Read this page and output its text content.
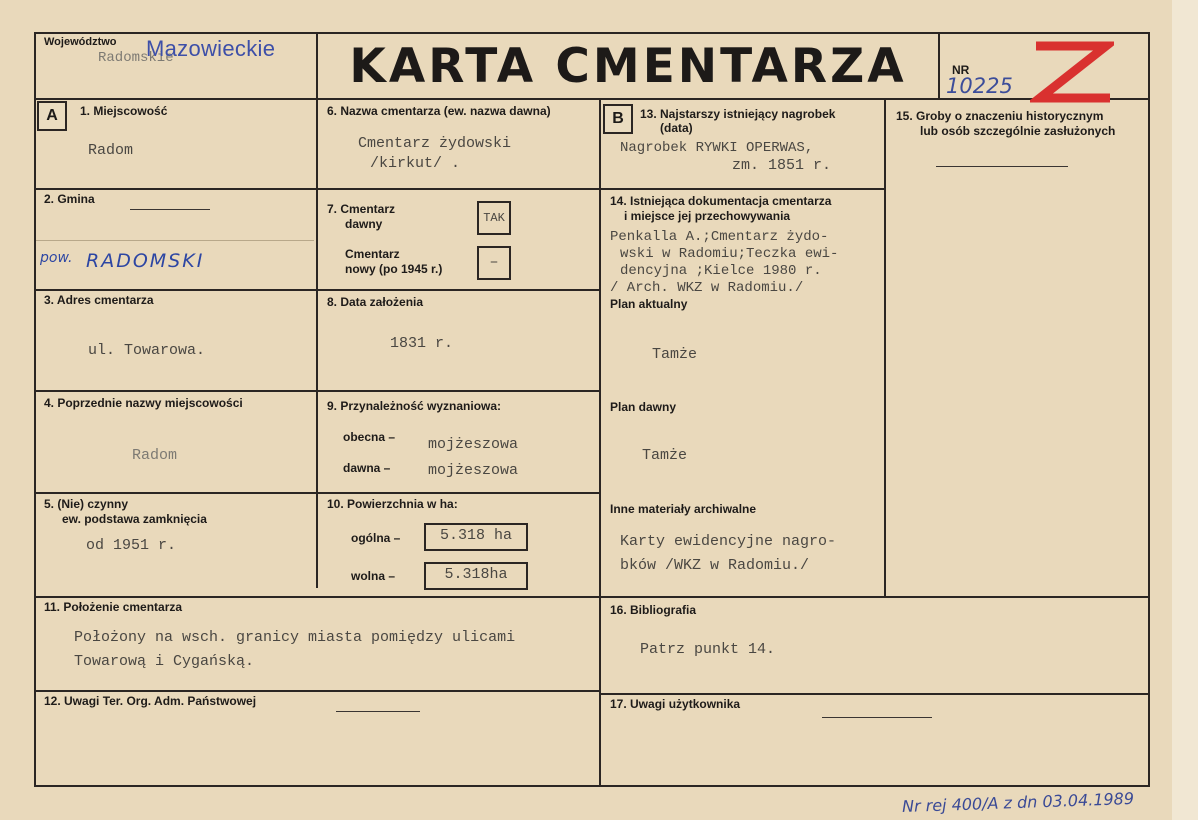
Województwo
Radomskie
Mazowieckie	KARTA CMENTARZA	NR
10225
A	B
1. Miejscowość
Radom
2. Gmina
pow. RADOMSKI
3. Adres cmentarza
ul. Towarowa.
4. Poprzednie nazwy miejscowości
Radom
5. (Nie) czynny
ew. podstawa zamknięcia
od 1951 r.
6. Nazwa cmentarza (ew. nazwa dawna)
Cmentarz żydowski
/kirkut/ .
7. Cmentarz
dawny	TAK
Cmentarz
nowy (po 1945 r.)	–
8. Data założenia
1831 r.
9. Przynależność wyznaniowa:
obecna – mojżeszowa
dawna –	mojżeszowa
10. Powierzchnia w ha:
ogólna –	5.318 ha
wolna –	5.318ha
11. Położenie cmentarza
Położony na wsch. granicy miasta pomiędzy ulicami
Towarową i Cygańską.
12. Uwagi Ter. Org. Adm. Państwowej
13. Najstarszy istniejący nagrobek
(data)
Nagrobek RYWKI OPERWAS,
zm. 1851 r.
14. Istniejąca dokumentacja cmentarza
i miejsce jej przechowywania
Penkalla A.;Cmentarz żydo-
wski w Radomiu;Teczka ewi-
dencyjna ;Kielce 1980 r.
/ Arch. WKZ w Radomiu./
Plan aktualny
Tamże
Plan dawny
Tamże
Inne materiały archiwalne
Karty ewidencyjne nagro-
bków /WKZ w Radomiu./
15. Groby o znaczeniu historycznym
lub osób szczególnie zasłużonych
16. Bibliografia
Patrz punkt 14.
17. Uwagi użytkownika
Nr rej 400/A z dn 03.04.1989
